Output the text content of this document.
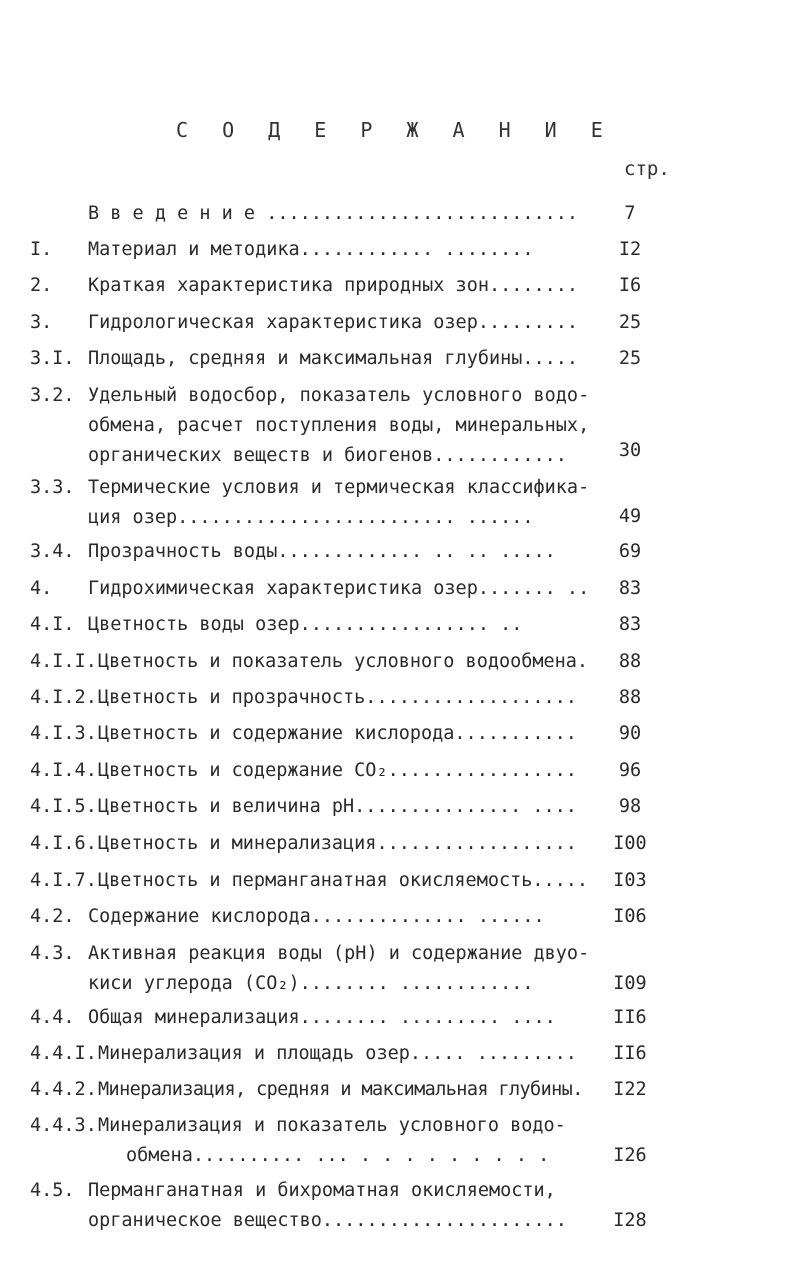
С О Д Е Р Ж А Н И Е
стр.
В в е д е н и е ............................	7
I. Материал и методика............ ........	I2
2. Краткая характеристика природных зон........	I6
3. Гидрологическая характеристика озер.........	25
3.I. Площадь, средняя и максимальная глубины.....	25
3.2. Удельный водосбор, показатель условного водо-
обмена, расчет поступления воды, минеральных,
органических веществ и биогенов............	30
3.3. Термические условия и термическая классифика-
ция озер......................... ......	49
3.4. Прозрачность воды............. .. .. .....	69
4. Гидрохимическая характеристика озер....... ..	83
4.I. Цветность воды озер................. ..	83
4.I.I. Цветность и показатель условного водообмена.	88
4.I.2. Цветность и прозрачность...................	88
4.I.3. Цветность и содержание кислорода...........	90
4.I.4. Цветность и содержание CO₂.................	96
4.I.5. Цветность и величина pH............... ....	98
4.I.6. Цветность и минерализация..................	I00
4.I.7. Цветность и перманганатная окисляемость.....	I03
4.2. Содержание кислорода.............. ......	I06
4.3. Активная реакция воды (pH) и содержание двуо-
киси углерода (CO₂)........ ............	I09
4.4. Общая минерализация........ ......... ....	II6
4.4.I. Минерализация и площадь озер..... .........	II6
4.4.2. Минерализация, средняя и максимальная глубины.	I22
4.4.3. Минерализация и показатель условного водо-
обмена.......... ... . . . . . . . . .	I26
4.5. Перманганатная и бихроматная окисляемости,
органическое вещество......................	I28
